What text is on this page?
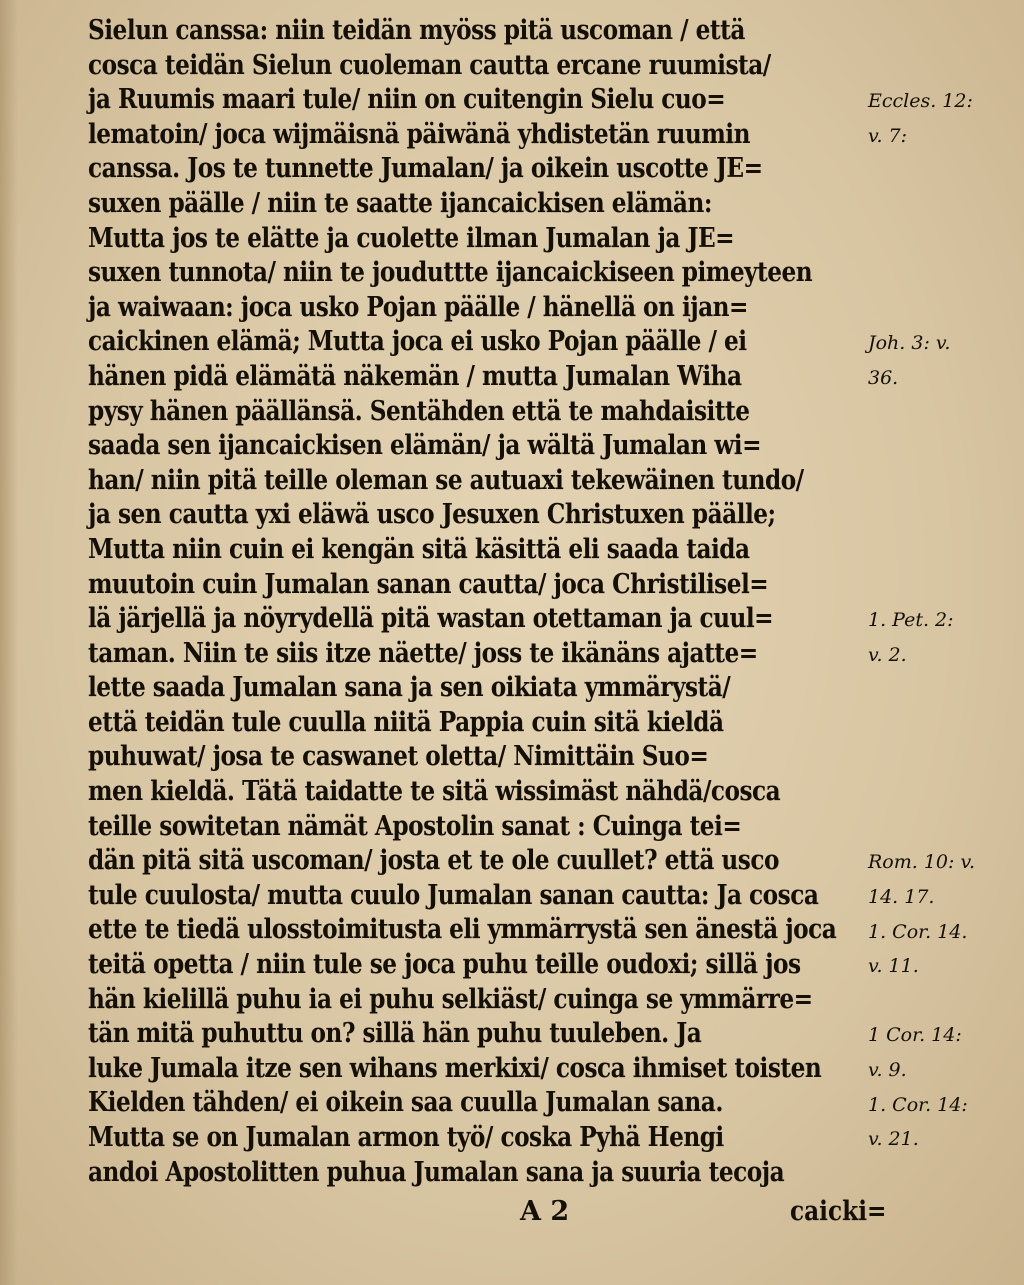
Sielun canssa: niin teidän myöss pitä uscoman / että
cosca teidän Sielun cuoleman cautta ercane ruumista/
ja Ruumis maari tule/ niin on cuitengin Sielu cuo=
lematoin/ joca wijmäisnä päiwänä yhdistetän ruumin
canssa. Jos te tunnette Jumalan/ ja oikein uscotte JE=
suxen päälle / niin te saatte ijancaickisen elämän:
Mutta jos te elätte ja cuolette ilman Jumalan ja JE=
suxen tunnota/ niin te jouduttte ijancaickiseen pimeyteen
ja waiwaan: joca usko Pojan päälle / hänellä on ijan=
caickinen elämä; Mutta joca ei usko Pojan päälle / ei
hänen pidä elämätä näkemän / mutta Jumalan Wiha
pysy hänen päällänsä. Sentähden että te mahdaisitte
saada sen ijancaickisen elämän/ ja wältä Jumalan wi=
han/ niin pitä teille oleman se autuaxi tekewäinen tundo/
ja sen cautta yxi eläwä usco Jesuxen Christuxen päälle;
Mutta niin cuin ei kengän sitä käsittä eli saada taida
muutoin cuin Jumalan sanan cautta/ joca Christilisel=
lä järjellä ja nöyrydellä pitä wastan otettaman ja cuul=
taman. Niin te siis itze näette/ joss te ikänäns ajatte=
lette saada Jumalan sana ja sen oikiata ymmärystä/
että teidän tule cuulla niitä Pappia cuin sitä kieldä
puhuwat/ josa te caswanet oletta/ Nimittäin Suo=
men kieldä. Tätä taidatte te sitä wissimäst nähdä/cosca
teille sowitetan nämät Apostolin sanat : Cuinga tei=
dän pitä sitä uscoman/ josta et te ole cuullet? että usco
tule cuulosta/ mutta cuulo Jumalan sanan cautta: Ja cosca
ette te tiedä ulosstoimitusta eli ymmärrystä sen änestä joca
teitä opetta / niin tule se joca puhu teille oudoxi; sillä jos
hän kielillä puhu ia ei puhu selkiäst/ cuinga se ymmärre=
tän mitä puhuttu on? sillä hän puhu tuuleben. Ja
luke Jumala itze sen wihans merkixi/ cosca ihmiset toisten
Kielden tähden/ ei oikein saa cuulla Jumalan sana.
Mutta se on Jumalan armon työ/ coska Pyhä Hengi
andoi Apostolitten puhua Jumalan sana ja suuria tecoja
Eccles. 12:
v. 7:
Joh. 3: v.
36.
1. Pet. 2:
v. 2.
Rom. 10: v.
14. 17.
1. Cor. 14.
v. 11.
1 Cor. 14:
v. 9.
1. Cor. 14:
v. 21.
A 2	caicki=
